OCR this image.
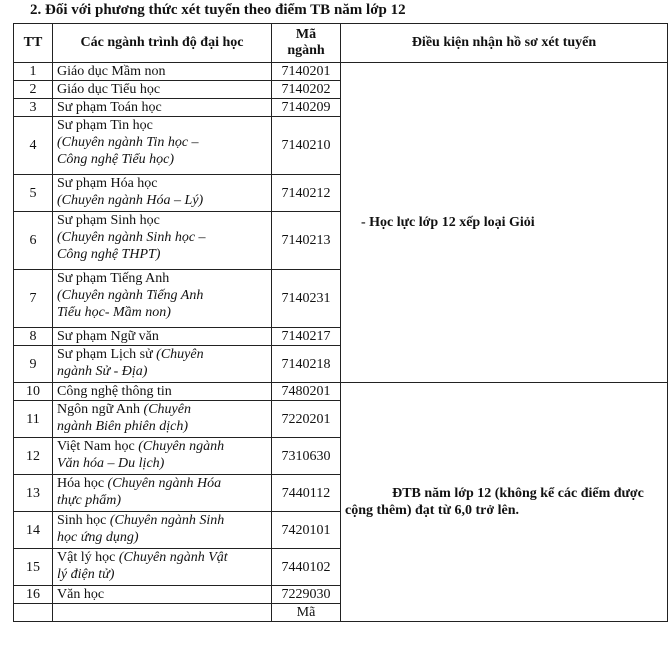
2. Đối với phương thức xét tuyển theo điểm TB năm lớp 12
TT	Các ngành trình độ đại học	Mã
ngành	Điều kiện nhận hồ sơ xét tuyển
1	Giáo dục Mầm non	7140201	- Học lực lớp 12 xếp loại Giỏi
2	Giáo dục Tiểu học	7140202	
3	Sư phạm Toán học	7140209	
4	Sư phạm Tin học
(Chuyên ngành Tin học –
Công nghệ Tiểu học)	7140210	
5	Sư phạm Hóa học
(Chuyên ngành Hóa – Lý)	7140212	
6	Sư phạm Sinh học
(Chuyên ngành Sinh học –
Công nghệ THPT)	7140213	
7	Sư phạm Tiếng Anh
(Chuyên ngành Tiếng Anh
Tiểu học- Mầm non)	7140231	
8	Sư phạm Ngữ văn	7140217	
9	Sư phạm Lịch sử (Chuyên
ngành Sử - Địa)	7140218	
10	Công nghệ thông tin	7480201	ĐTB năm lớp 12 (không kể các điểm được
cộng thêm) đạt từ 6,0 trở lên.
11	Ngôn ngữ Anh (Chuyên
ngành Biên phiên dịch)	7220201	
12	Việt Nam học (Chuyên ngành
Văn hóa – Du lịch)	7310630	
13	Hóa học (Chuyên ngành Hóa
thực phẩm)	7440112	
14	Sinh học (Chuyên ngành Sinh
học ứng dụng)	7420101	
15	Vật lý học (Chuyên ngành Vật
lý điện tử)	7440102	
16	Văn học	7229030	
		Mã	
